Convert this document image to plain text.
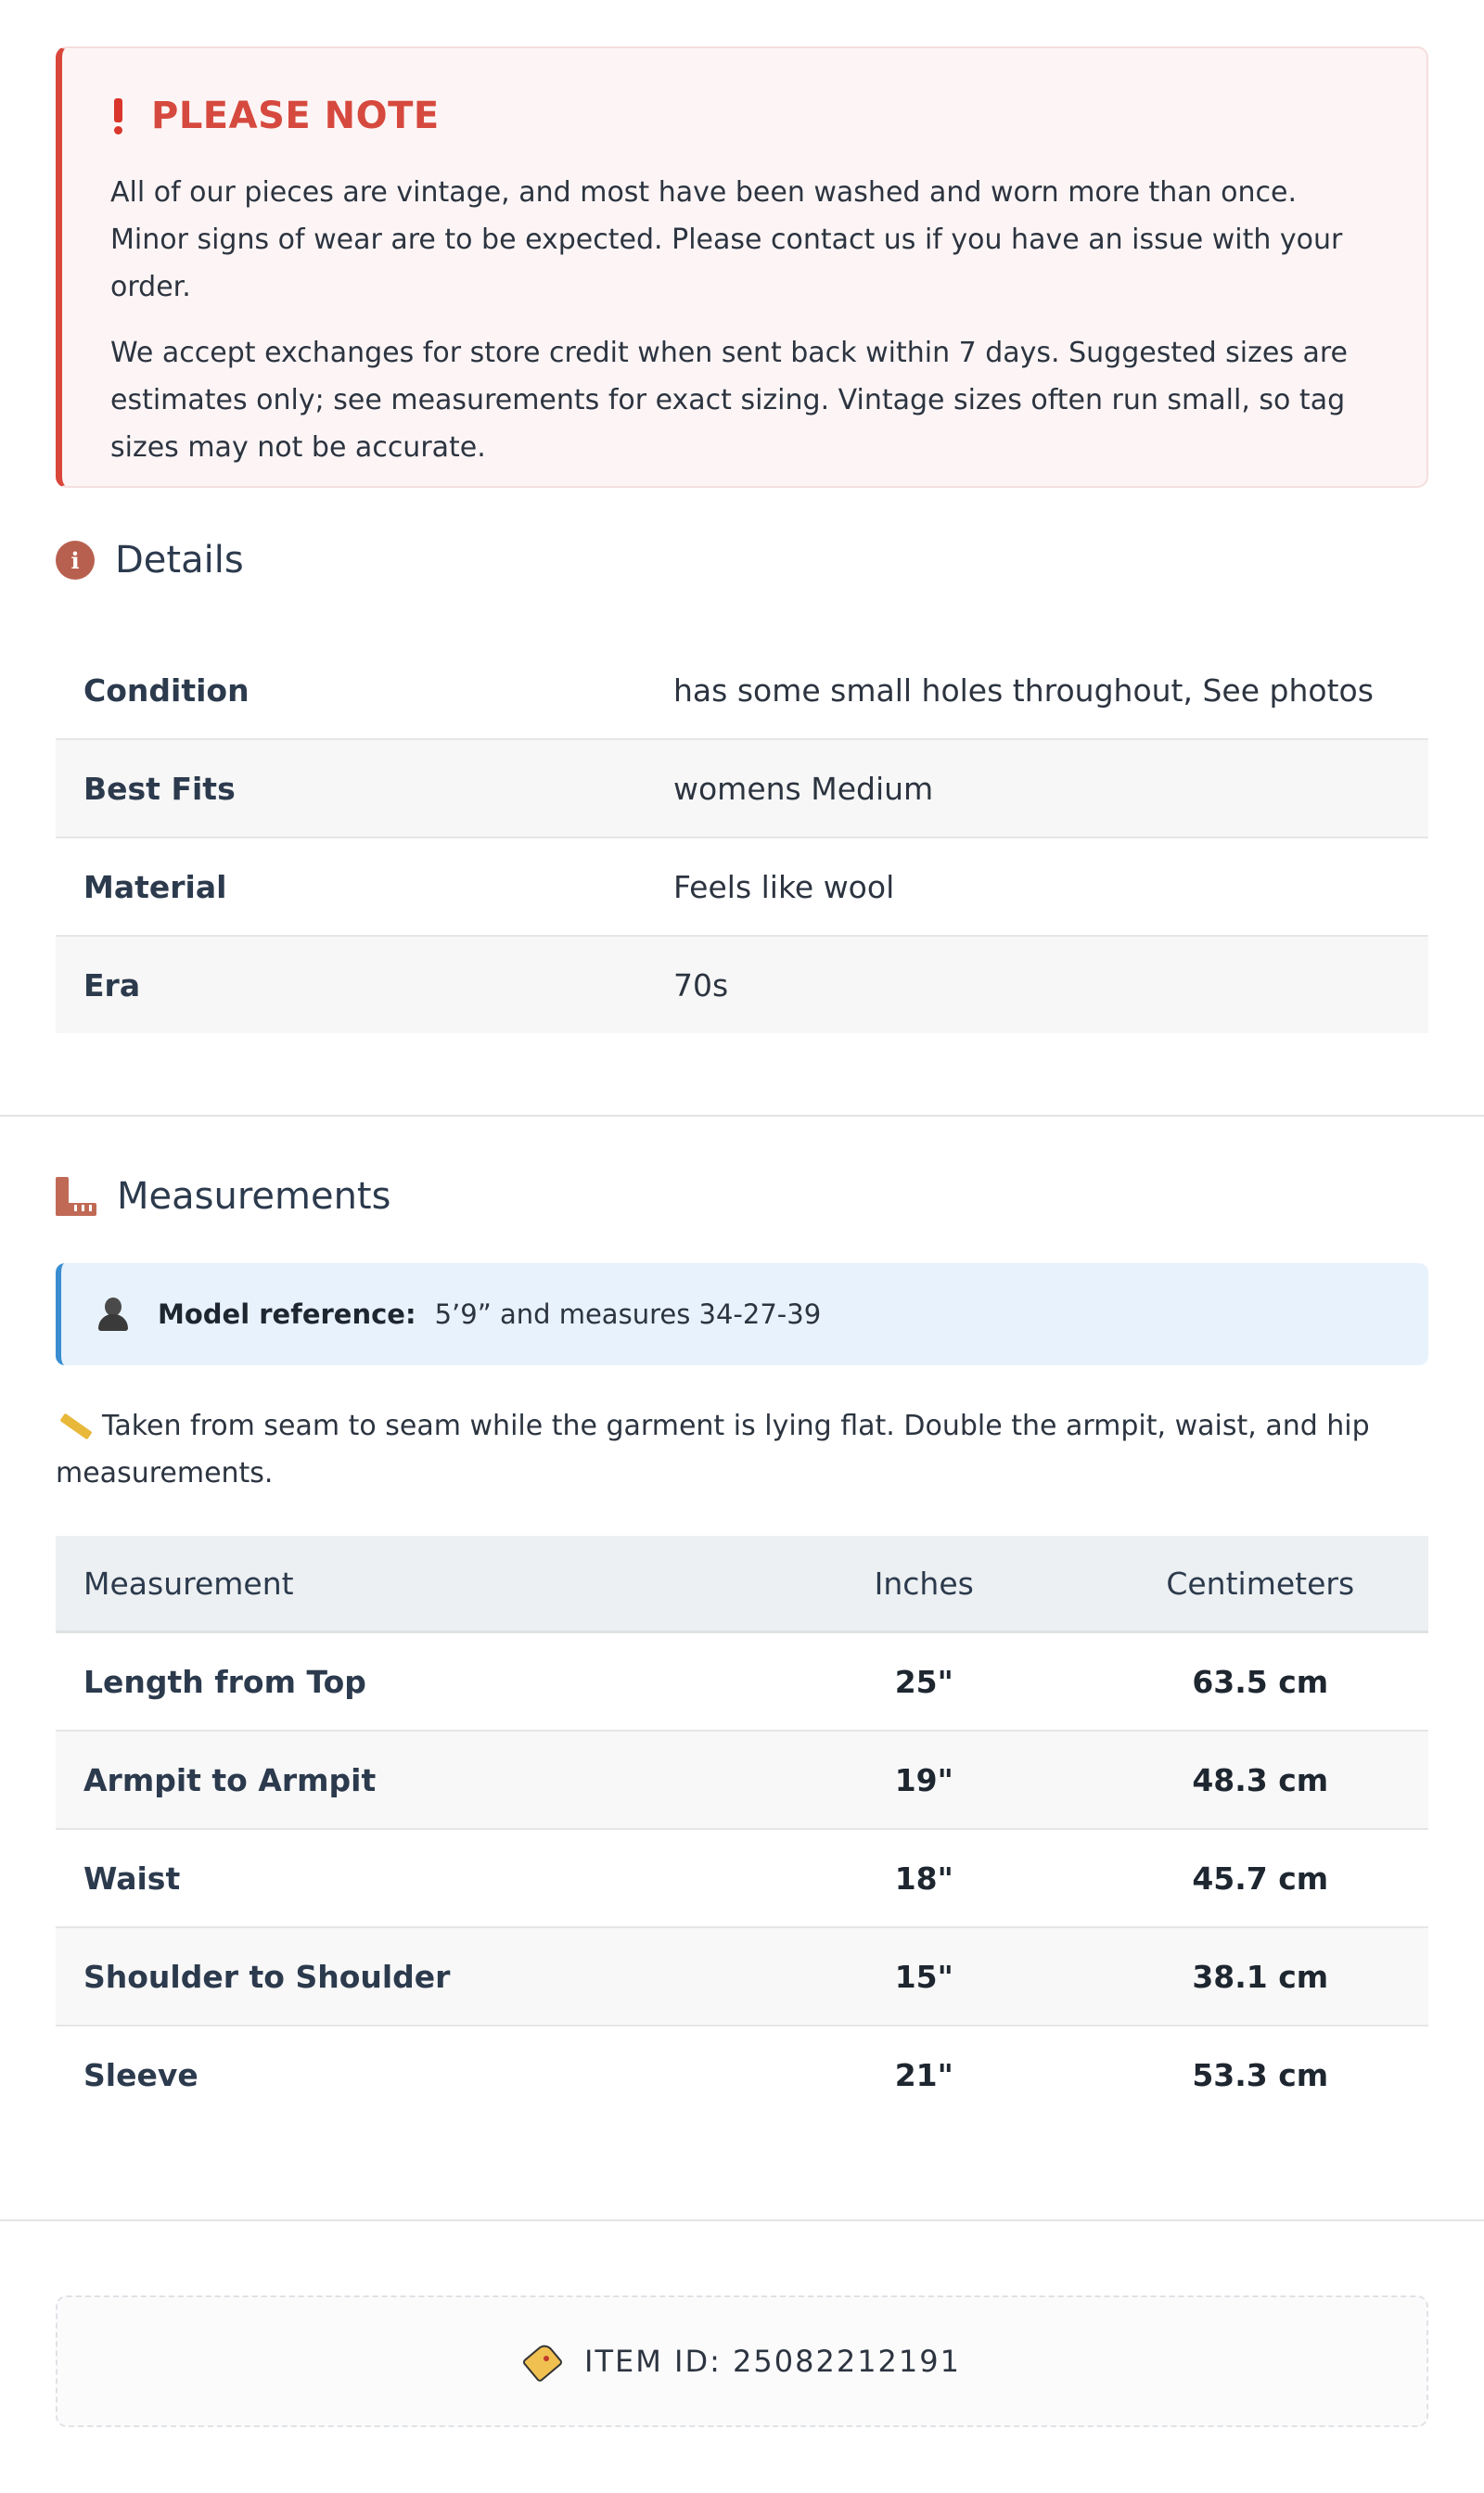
PLEASE NOTE

All of our pieces are vintage, and most have been washed and worn more than once. Minor signs of wear are to be expected. Please contact us if you have an issue with your order.

We accept exchanges for store credit when sent back within 7 days. Suggested sizes are estimates only; see measurements for exact sizing. Vintage sizes often run small, so tag sizes may not be accurate.

i Details
Condition	has some small holes throughout, See photos
Best Fits	womens Medium
Material	Feels like wool
Era	70s
Measurements
Model reference: 5’9” and measures 34-27-39
Taken from seam to seam while the garment is lying flat. Double the armpit, waist, and hip measurements.
Measurement	Inches	Centimeters
Length from Top	25"	63.5 cm
Armpit to Armpit	19"	48.3 cm
Waist	18"	45.7 cm
Shoulder to Shoulder	15"	38.1 cm
Sleeve	21"	53.3 cm
ITEM ID: 25082212191
